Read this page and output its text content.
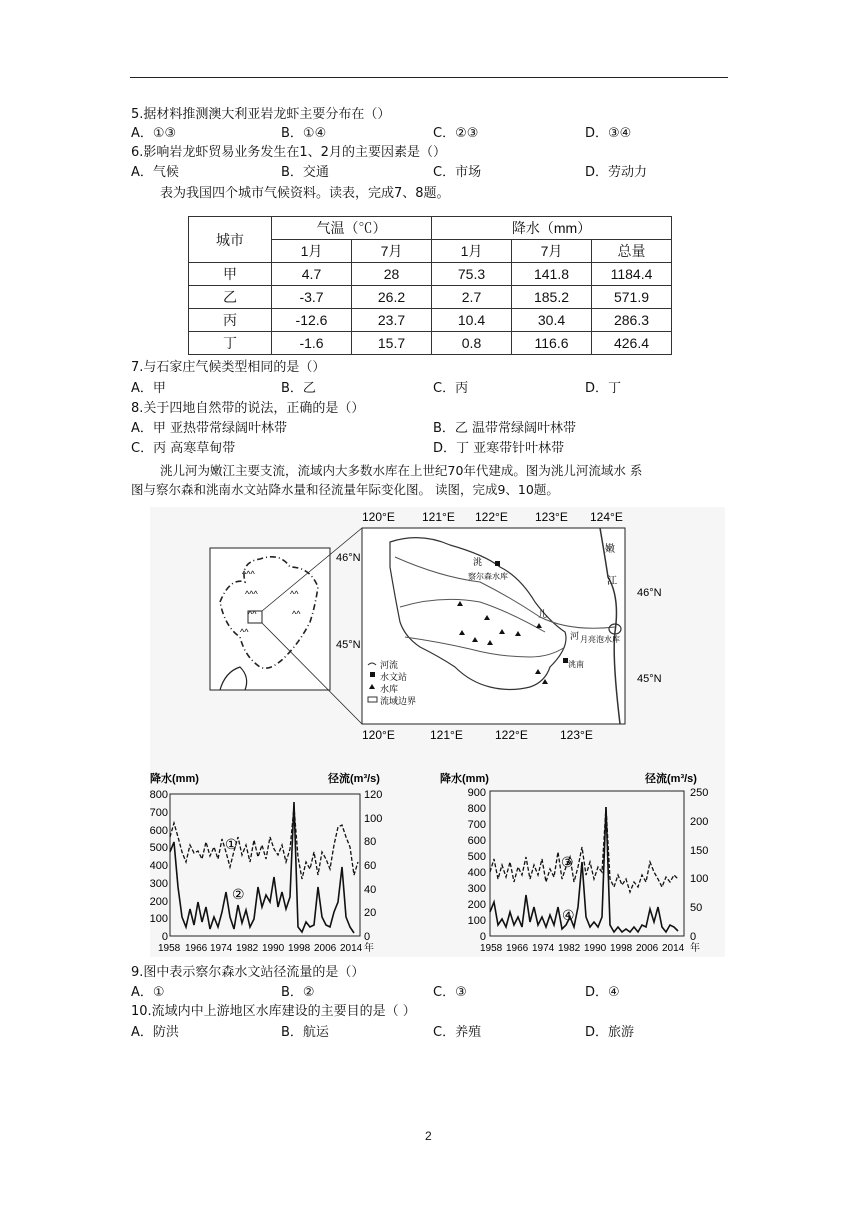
5.据材料推测澳大利亚岩龙虾主要分布在（）
A．①③	B．①④	C．②③	D．③④
6.影响岩龙虾贸易业务发生在1、2月的主要因素是（）
A．气候	B．交通	C．市场	D．劳动力
表为我国四个城市气候资料。读表，完成7、8题。
城市	气温（℃）		降水（mm）		
	1月	7月	1月	7月	总量
甲	4.7	28	75.3	141.8	1184.4
乙	-3.7	26.2	2.7	185.2	571.9
丙	-12.6	23.7	10.4	30.4	286.3
丁	-1.6	15.7	0.8	116.6	426.4
7.与石家庄气候类型相同的是（）
A．甲	B．乙	C．丙	D．丁
8.关于四地自然带的说法，正确的是（）
A．甲 亚热带常绿阔叶林带	B．乙 温带常绿阔叶林带
C．丙 高寒草甸带	D．丁 亚寒带针叶林带
洮儿河为嫩江主要支流，流域内大多数水库在上世纪70年代建成。图为洮儿河流域水 系
图与察尔森和洮南水文站降水量和径流量年际变化图。 读图，完成9、10题。
^^^
^^^
^^
^^
^^
^^
120°E 121°E 122°E 123°E 124°E
120°E	121°E	122°E	123°E
46°N
45°N
46°N
45°N
嫩
江
洮
儿
河
察尔森水库
洮南
月亮泡水库
河流
水文站
水库
流域边界
降水(mm)	径流(m³/s)
800
700
600
500
400
300
200
100
0
120
100
80
60
40
20
0
1958 1966 1974 1982 1990 1998 2006 2014 年
①
②
降水(mm)	径流(m³/s)
900
800
700
600
500
400
300
200
100
0
250
200
150
100
50
0
1958 1966 1974 1982 1990 1998 2006 2014 年
③
④
9.图中表示察尔森水文站径流量的是（）
A．①	B．②	C．③	D．④
10.流域内中上游地区水库建设的主要目的是（ ）
A．防洪	B．航运	C．养殖	D．旅游
2
